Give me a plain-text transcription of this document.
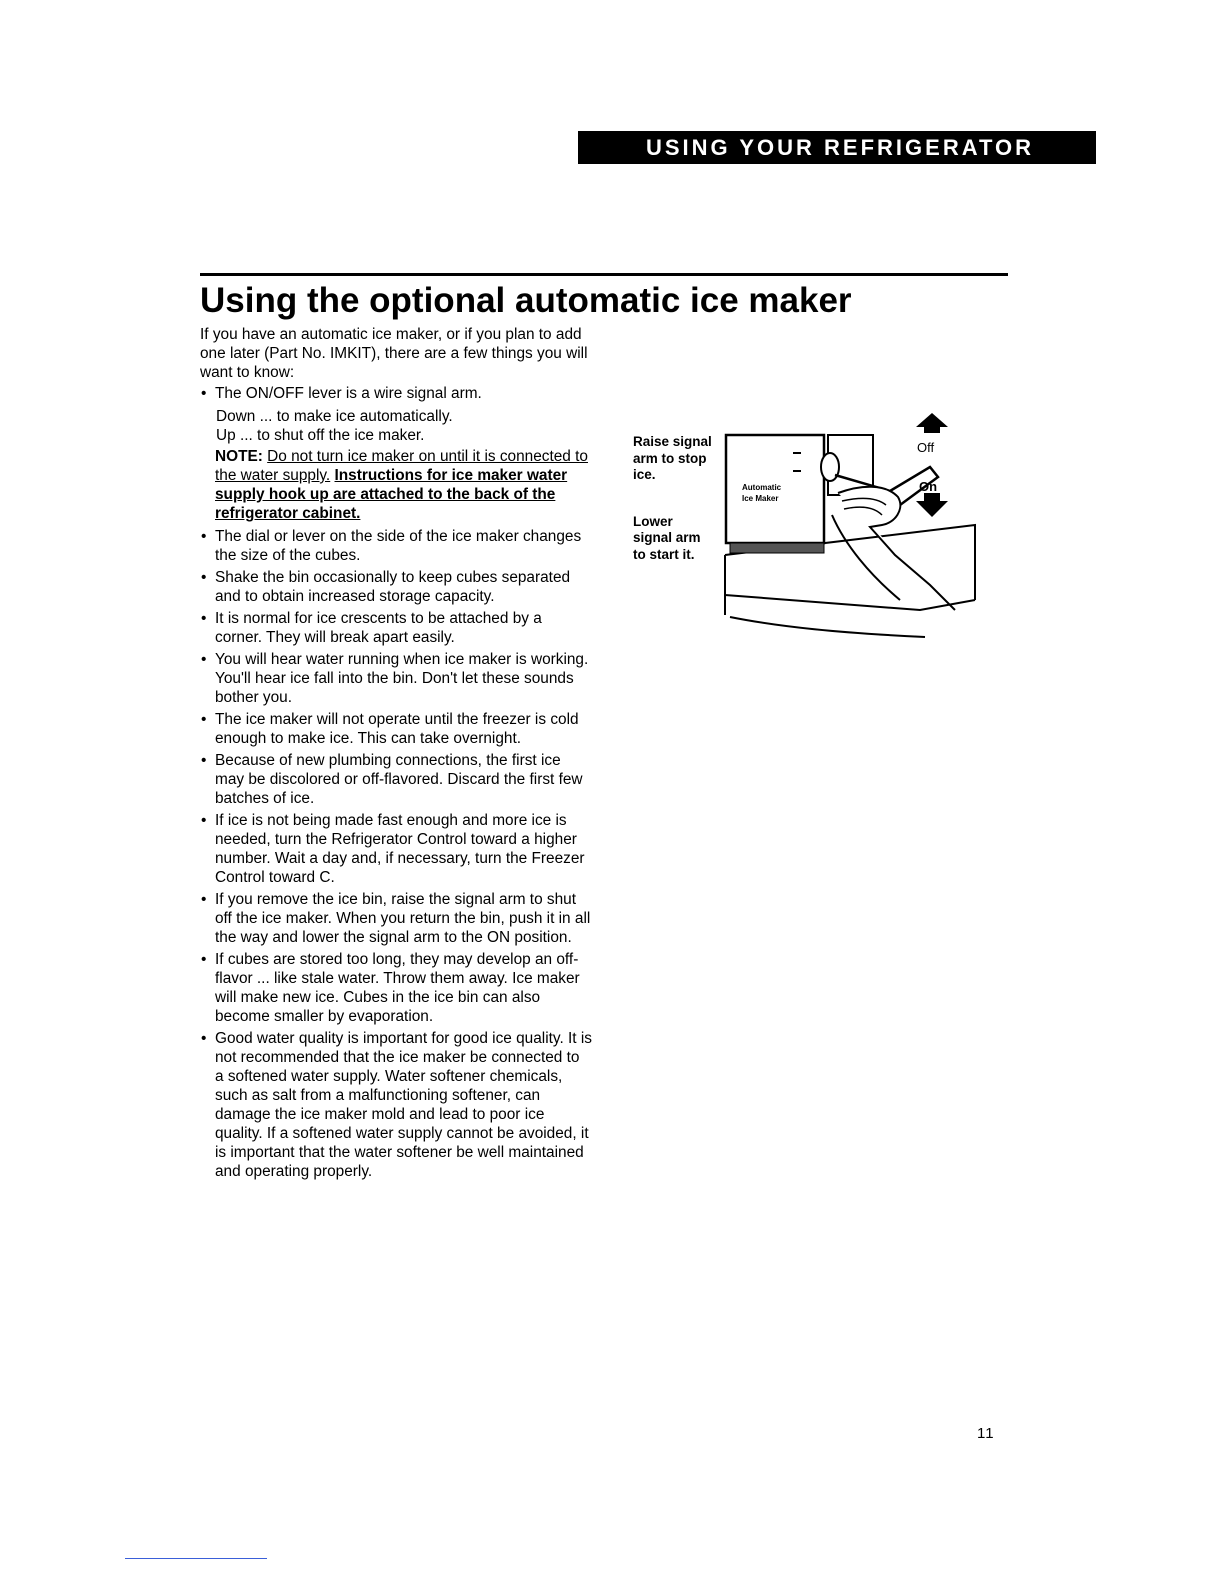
USING YOUR REFRIGERATOR
Using the optional automatic ice maker

If you have an automatic ice maker, or if you plan to add one later (Part No. IMKIT), there are a few things you will want to know:

• The ON/OFF lever is a wire signal arm.
Down ... to make ice automatically.
Up ... to shut off the ice maker.
NOTE: Do not turn ice maker on until it is connected to the water supply. Instructions for ice maker water supply hook up are attached to the back of the refrigerator cabinet.
• The dial or lever on the side of the ice maker changes the size of the cubes.
• Shake the bin occasionally to keep cubes separated and to obtain increased storage capacity.
• It is normal for ice crescents to be attached by a corner. They will break apart easily.
• You will hear water running when ice maker is working. You'll hear ice fall into the bin. Don't let these sounds bother you.
• The ice maker will not operate until the freezer is cold enough to make ice. This can take overnight.
• Because of new plumbing connections, the first ice may be discolored or off-flavored. Discard the first few batches of ice.
• If ice is not being made fast enough and more ice is needed, turn the Refrigerator Control toward a higher number. Wait a day and, if necessary, turn the Freezer Control toward C.
• If you remove the ice bin, raise the signal arm to shut off the ice maker. When you return the bin, push it in all the way and lower the signal arm to the ON position.
• If cubes are stored too long, they may develop an off-flavor ... like stale water. Throw them away. Ice maker will make new ice. Cubes in the ice bin can also become smaller by evaporation.
• Good water quality is important for good ice quality. It is not recommended that the ice maker be connected to a softened water supply. Water softener chemicals, such as salt from a malfunctioning softener, can damage the ice maker mold and lead to poor ice quality. If a softened water supply cannot be avoided, it is important that the water softener be well maintained and operating properly.

Raise signal arm to stop ice.

Lower signal arm to start it.

Automatic
Ice Maker
Off
On
11
